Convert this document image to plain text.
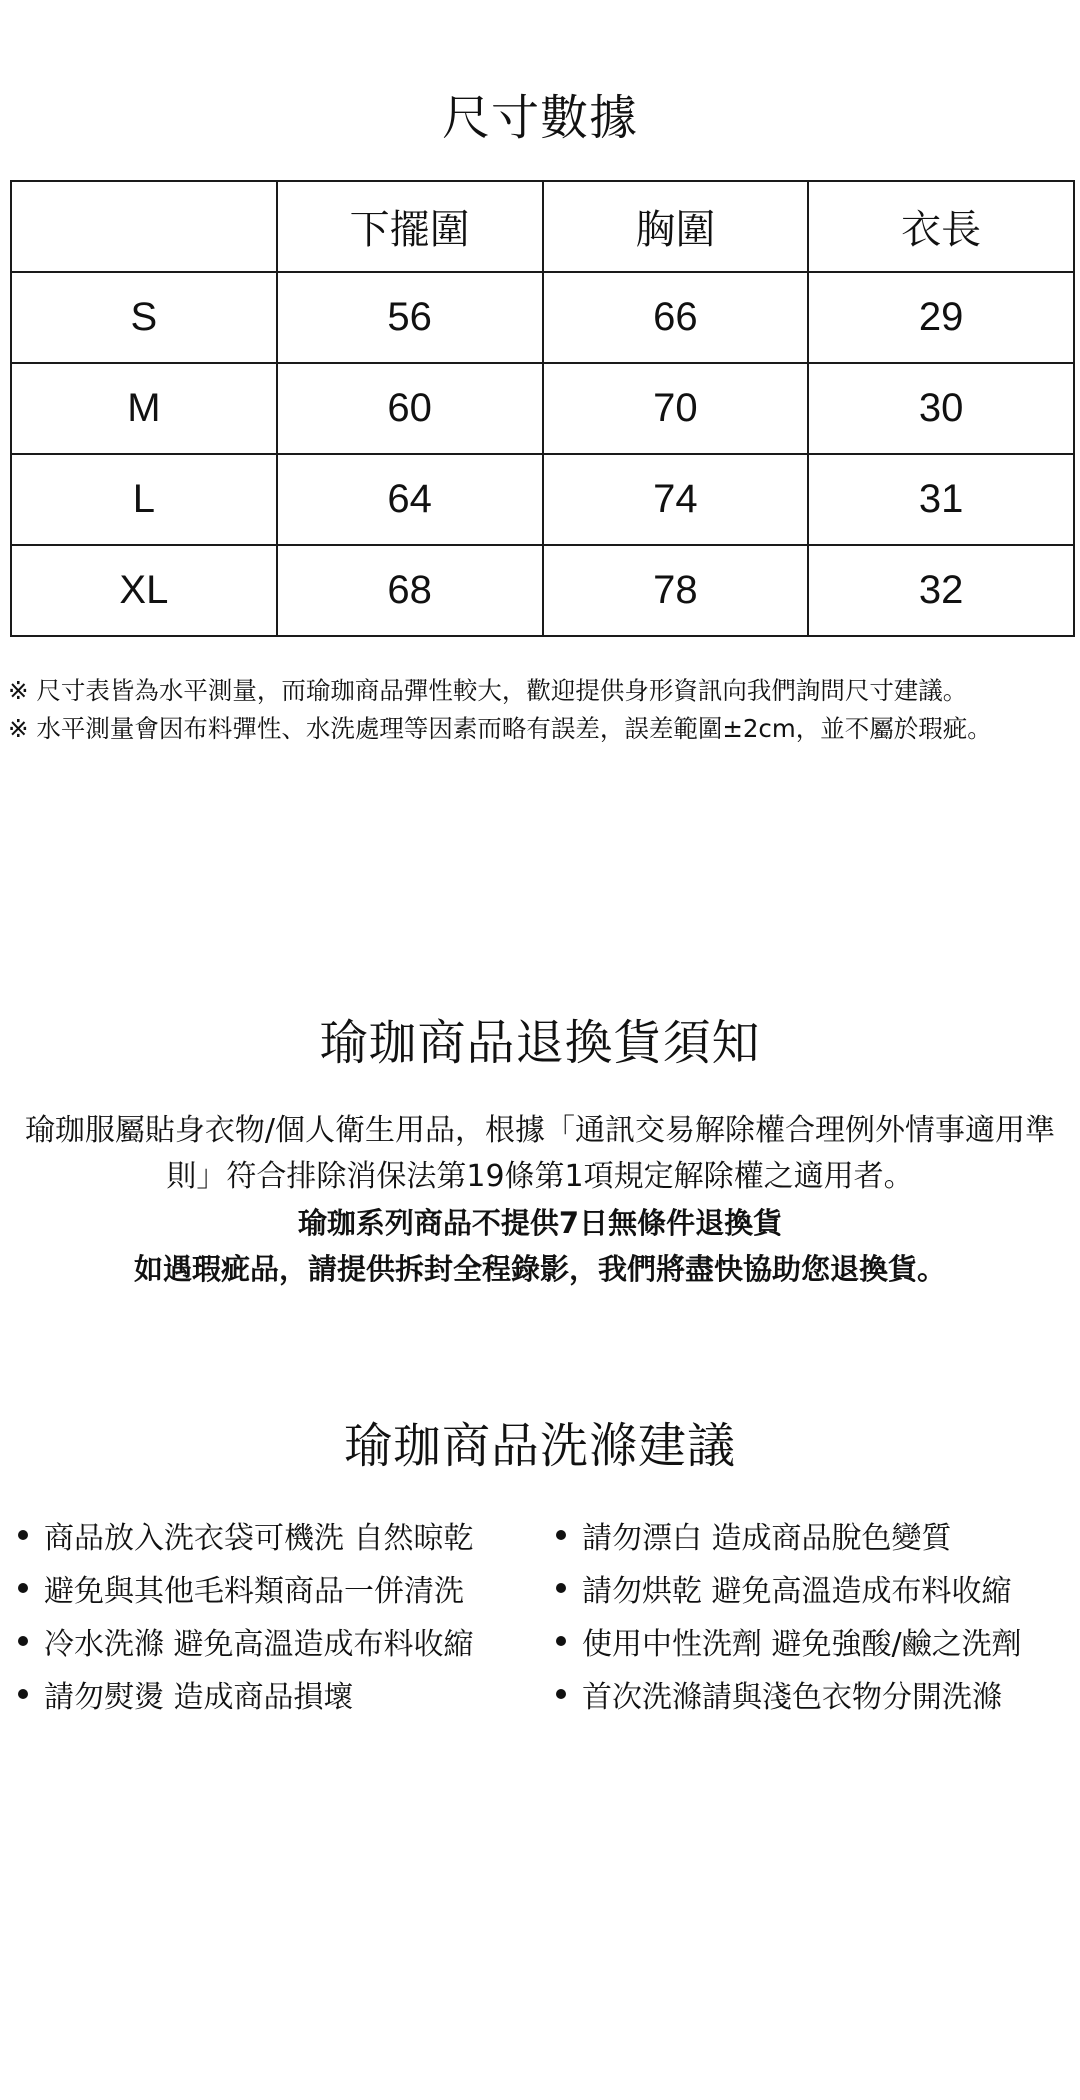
尺寸數據
	下擺圍	胸圍	衣長
S	56	66	29
M	60	70	30
L	64	74	31
XL	68	78	32
※ 尺寸表皆為水平測量，而瑜珈商品彈性較大，歡迎提供身形資訊向我們詢問尺寸建議。
※ 水平測量會因布料彈性、水洗處理等因素而略有誤差，誤差範圍±2cm，並不屬於瑕疵。
瑜珈商品退換貨須知
瑜珈服屬貼身衣物/個人衛生用品，根據「通訊交易解除權合理例外情事適用準則」符合排除消保法第19條第1項規定解除權之適用者。
瑜珈系列商品不提供7日無條件退換貨
如遇瑕疵品，請提供拆封全程錄影，我們將盡快協助您退換貨。
瑜珈商品洗滌建議
商品放入洗衣袋可機洗 自然晾乾	請勿漂白 造成商品脫色變質
避免與其他毛料類商品一併清洗	請勿烘乾 避免高溫造成布料收縮
冷水洗滌 避免高溫造成布料收縮	使用中性洗劑 避免強酸/鹼之洗劑
請勿熨燙 造成商品損壞	首次洗滌請與淺色衣物分開洗滌
